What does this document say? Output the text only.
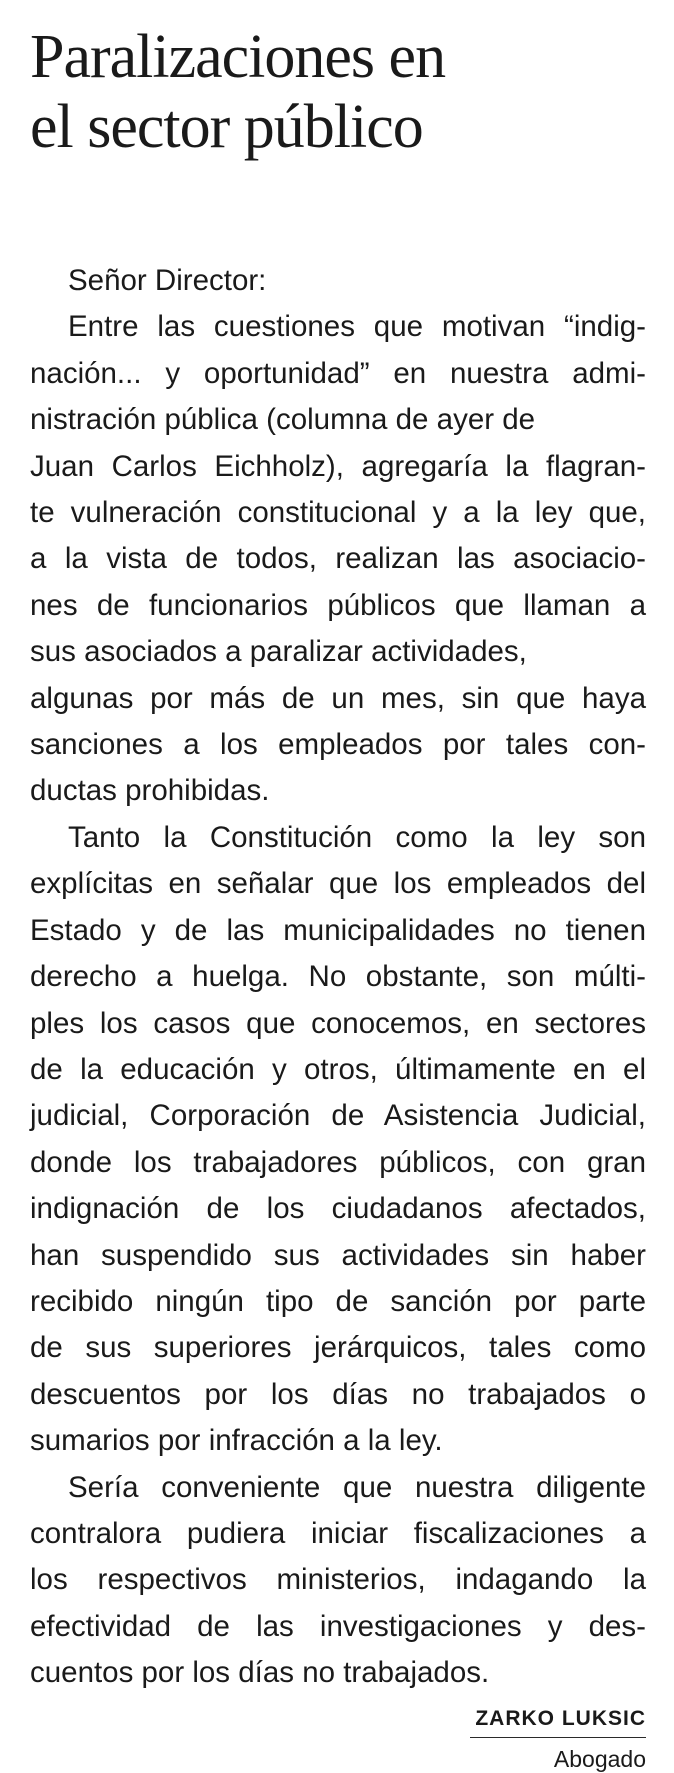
Paralizaciones en
el sector público
Señor Director:
Entre las cuestiones que motivan “indig-
nación... y oportunidad” en nuestra admi-
nistración pública (columna de ayer de
Juan Carlos Eichholz), agregaría la flagran-
te vulneración constitucional y a la ley que,
a la vista de todos, realizan las asociacio-
nes de funcionarios públicos que llaman a
sus asociados a paralizar actividades,
algunas por más de un mes, sin que haya
sanciones a los empleados por tales con-
ductas prohibidas.
Tanto la Constitución como la ley son
explícitas en señalar que los empleados del
Estado y de las municipalidades no tienen
derecho a huelga. No obstante, son múlti-
ples los casos que conocemos, en sectores
de la educación y otros, últimamente en el
judicial, Corporación de Asistencia Judicial,
donde los trabajadores públicos, con gran
indignación de los ciudadanos afectados,
han suspendido sus actividades sin haber
recibido ningún tipo de sanción por parte
de sus superiores jerárquicos, tales como
descuentos por los días no trabajados o
sumarios por infracción a la ley.
Sería conveniente que nuestra diligente
contralora pudiera iniciar fiscalizaciones a
los respectivos ministerios, indagando la
efectividad de las investigaciones y des-
cuentos por los días no trabajados.
ZARKO LUKSIC
Abogado
